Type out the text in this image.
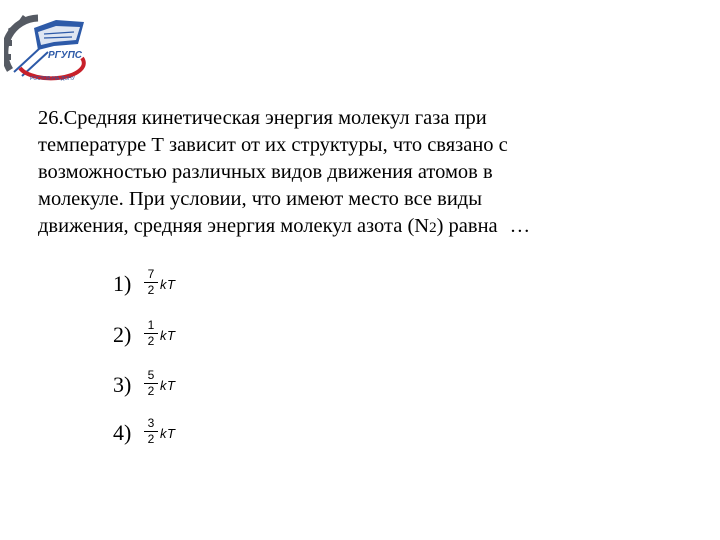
РГУПС
РОСТОВ-НА-ДОНУ
26.Средняя кинетическая энергия молекул газа при
температуре Т зависит от их структуры, что связано с
возможностью различных видов движения атомов в
молекуле. При условии, что имеют место все виды
движения, средняя энергия молекул азота (N2) равна …
1)	7
2 kT
2)	1
2 kT
3)	5
2 kT
4)	3
2 kT
